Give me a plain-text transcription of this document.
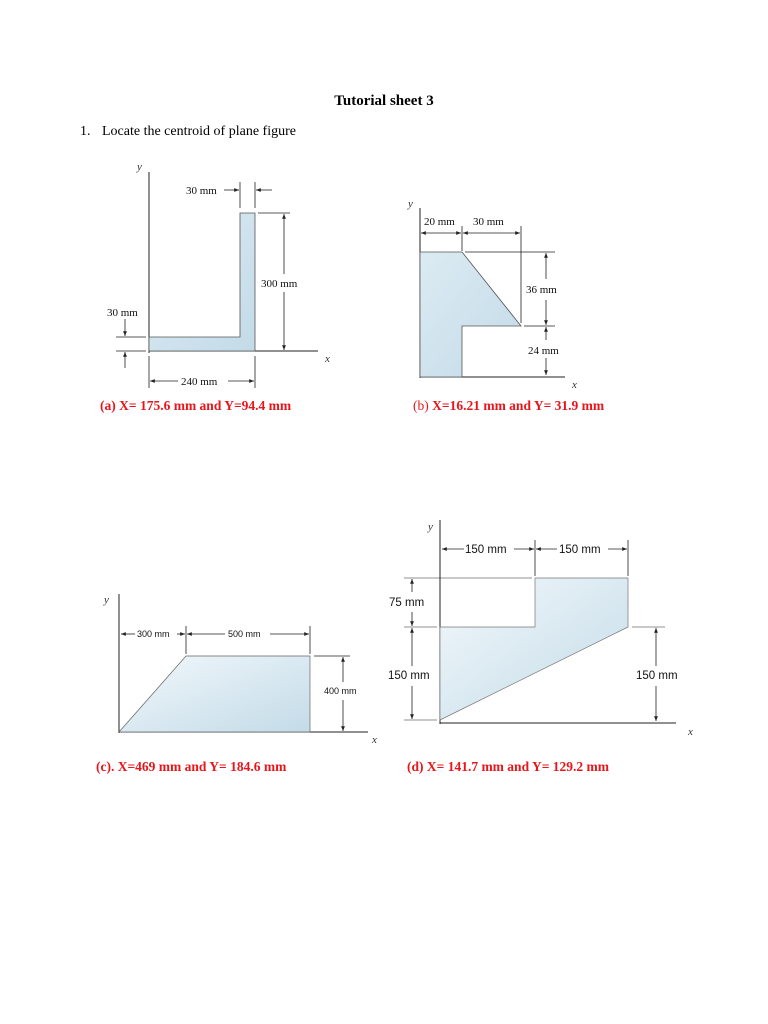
Tutorial sheet 3
1. Locate the centroid of plane figure
y
x
30 mm
300 mm
30 mm
240 mm
y
x
20 mm 30 mm
36 mm
24 mm
(a) X= 175.6 mm and Y=94.4 mm	(b) X=16.21 mm and Y= 31.9 mm
y
x
300 mm	500 mm
400 mm
y
x
150 mm	150 mm
75 mm
150 mm	150 mm
(c). X=469 mm and Y= 184.6 mm	(d) X= 141.7 mm and Y= 129.2 mm
